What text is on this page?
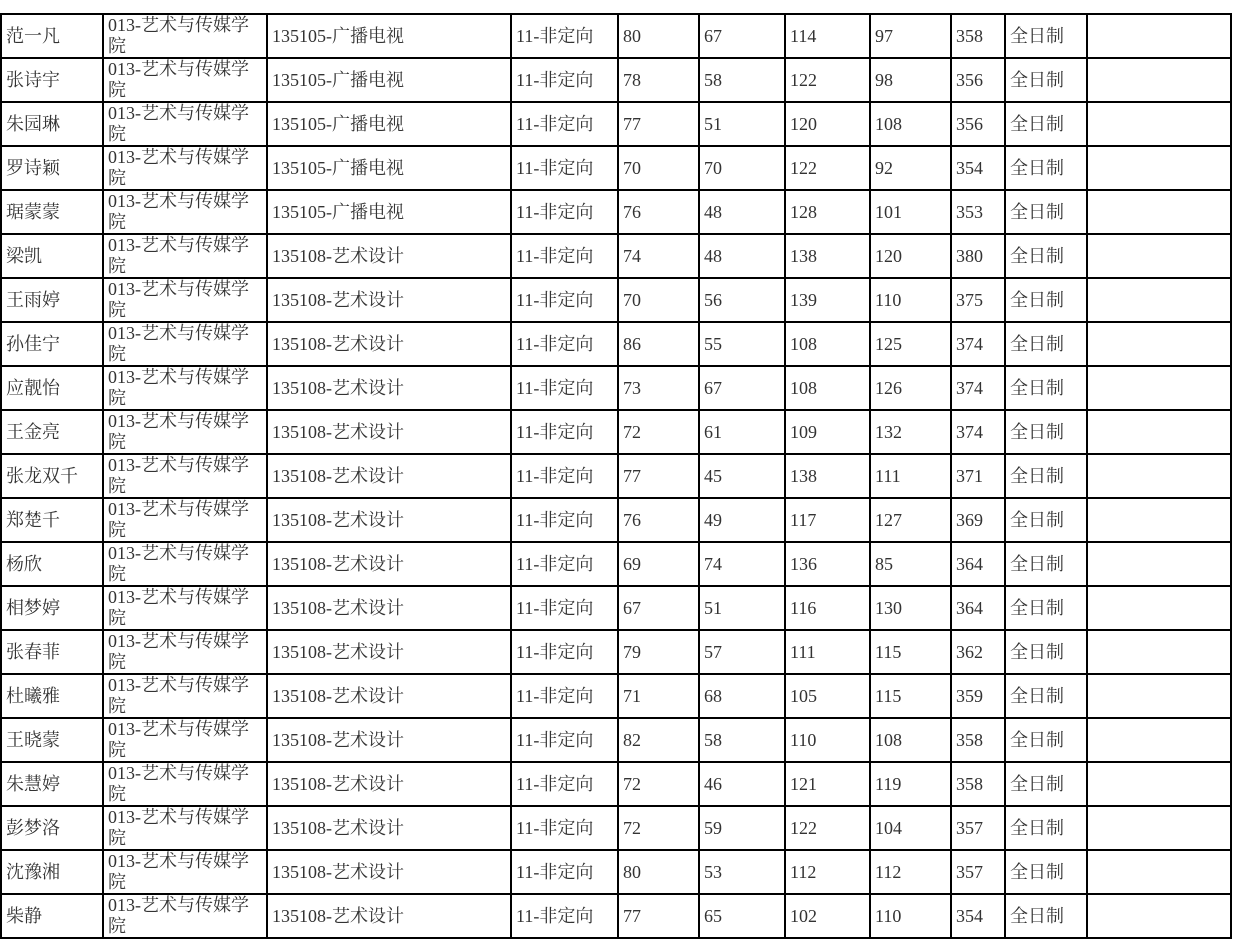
范一凡	013-艺术与传媒学院	135105-广播电视	11-非定向	80	67	114	97	358	全日制	
张诗宇	013-艺术与传媒学院	135105-广播电视	11-非定向	78	58	122	98	356	全日制	
朱园琳	013-艺术与传媒学院	135105-广播电视	11-非定向	77	51	120	108	356	全日制	
罗诗颖	013-艺术与传媒学院	135105-广播电视	11-非定向	70	70	122	92	354	全日制	
琚蒙蒙	013-艺术与传媒学院	135105-广播电视	11-非定向	76	48	128	101	353	全日制	
梁凯	013-艺术与传媒学院	135108-艺术设计	11-非定向	74	48	138	120	380	全日制	
王雨婷	013-艺术与传媒学院	135108-艺术设计	11-非定向	70	56	139	110	375	全日制	
孙佳宁	013-艺术与传媒学院	135108-艺术设计	11-非定向	86	55	108	125	374	全日制	
应靓怡	013-艺术与传媒学院	135108-艺术设计	11-非定向	73	67	108	126	374	全日制	
王金亮	013-艺术与传媒学院	135108-艺术设计	11-非定向	72	61	109	132	374	全日制	
张龙双千	013-艺术与传媒学院	135108-艺术设计	11-非定向	77	45	138	111	371	全日制	
郑楚千	013-艺术与传媒学院	135108-艺术设计	11-非定向	76	49	117	127	369	全日制	
杨欣	013-艺术与传媒学院	135108-艺术设计	11-非定向	69	74	136	85	364	全日制	
相梦婷	013-艺术与传媒学院	135108-艺术设计	11-非定向	67	51	116	130	364	全日制	
张春菲	013-艺术与传媒学院	135108-艺术设计	11-非定向	79	57	111	115	362	全日制	
杜曦雅	013-艺术与传媒学院	135108-艺术设计	11-非定向	71	68	105	115	359	全日制	
王晓蒙	013-艺术与传媒学院	135108-艺术设计	11-非定向	82	58	110	108	358	全日制	
朱慧婷	013-艺术与传媒学院	135108-艺术设计	11-非定向	72	46	121	119	358	全日制	
彭梦洛	013-艺术与传媒学院	135108-艺术设计	11-非定向	72	59	122	104	357	全日制	
沈豫湘	013-艺术与传媒学院	135108-艺术设计	11-非定向	80	53	112	112	357	全日制	
柴静	013-艺术与传媒学院	135108-艺术设计	11-非定向	77	65	102	110	354	全日制	
